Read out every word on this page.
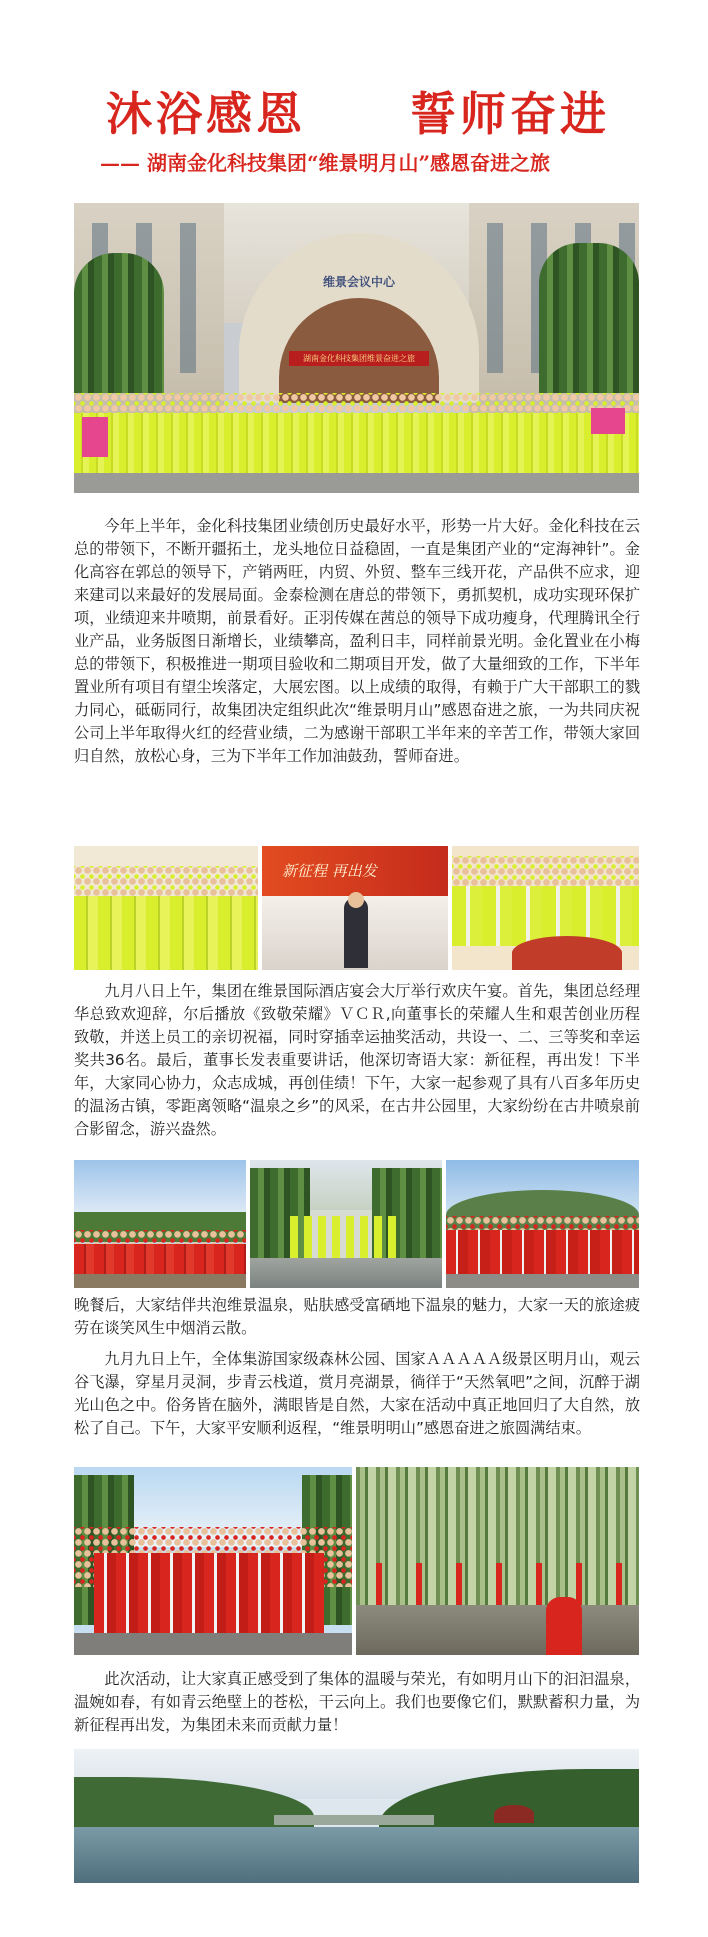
沐浴感恩 誓师奋进
—— 湖南金化科技集团“维景明月山”感恩奋进之旅
维景会议中心
湖南金化科技集团维景奋进之旅

今年上半年，金化科技集团业绩创历史最好水平，形势一片大好。金化科技在云总的带领下，不断开疆拓土，龙头地位日益稳固，一直是集团产业的“定海神针”。金化高容在郭总的领导下，产销两旺，内贸、外贸、整车三线开花，产品供不应求，迎来建司以来最好的发展局面。金泰检测在唐总的带领下，勇抓契机，成功实现环保扩项，业绩迎来井喷期，前景看好。正羽传媒在茜总的领导下成功瘦身，代理腾讯全行业产品，业务版图日渐增长，业绩攀高，盈利日丰，同样前景光明。金化置业在小梅总的带领下，积极推进一期项目验收和二期项目开发，做了大量细致的工作，下半年置业所有项目有望尘埃落定，大展宏图。以上成绩的取得，有赖于广大干部职工的戮力同心，砥砺同行，故集团决定组织此次“维景明月山”感恩奋进之旅，一为共同庆祝公司上半年取得火红的经营业绩，二为感谢干部职工半年来的辛苦工作，带领大家回归自然，放松心身，三为下半年工作加油鼓劲，誓师奋进。

新征程 再出发

九月八日上午，集团在维景国际酒店宴会大厅举行欢庆午宴。首先，集团总经理华总致欢迎辞，尔后播放《致敬荣耀》ＶＣＲ,向董事长的荣耀人生和艰苦创业历程致敬，并送上员工的亲切祝福，同时穿插幸运抽奖活动，共设一、二、三等奖和幸运奖共36名。最后，董事长发表重要讲话，他深切寄语大家：新征程，再出发！下半年，大家同心协力，众志成城，再创佳绩！下午，大家一起参观了具有八百多年历史的温汤古镇，零距离领略“温泉之乡”的风采，在古井公园里，大家纷纷在古井喷泉前合影留念，游兴盎然。

晚餐后，大家结伴共泡维景温泉，贴肤感受富硒地下温泉的魅力，大家一天的旅途疲劳在谈笑风生中烟消云散。

九月九日上午，全体集游国家级森林公园、国家ＡＡＡＡＡ级景区明月山，观云谷飞瀑，穿星月灵洞，步青云栈道，赏月亮湖景，徜徉于“天然氧吧”之间，沉醉于湖光山色之中。俗务皆在脑外，满眼皆是自然，大家在活动中真正地回归了大自然，放松了自己。下午，大家平安顺利返程，“维景明明山”感恩奋进之旅圆满结束。

此次活动，让大家真正感受到了集体的温暖与荣光，有如明月山下的汩汩温泉，温婉如春，有如青云绝壁上的苍松，干云向上。我们也要像它们，默默蓄积力量，为新征程再出发，为集团未来而贡献力量！
